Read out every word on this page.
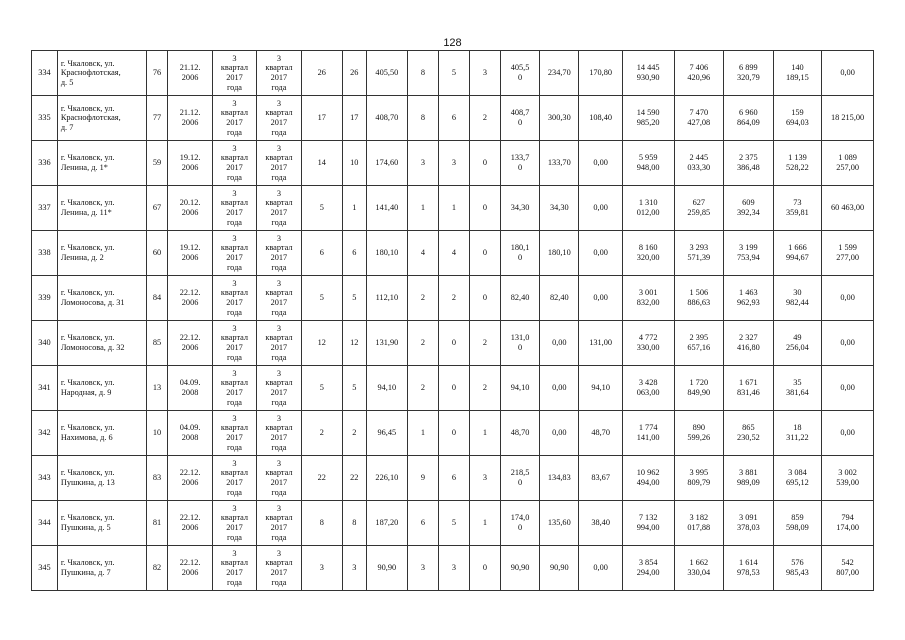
128
334	г. Чкаловск, ул.
Краснофлотская,
д. 5	76	21.12.
2006	3
квартал
2017
года	3
квартал
2017
года	26	26	405,50	8	5	3	405,5
0	234,70	170,80	14 445
930,90	7 406
420,96	6 899
320,79	140
189,15	0,00
335	г. Чкаловск, ул.
Краснофлотская,
д. 7	77	21.12.
2006	3
квартал
2017
года	3
квартал
2017
года	17	17	408,70	8	6	2	408,7
0	300,30	108,40	14 590
985,20	7 470
427,08	6 960
864,09	159
694,03	18 215,00
336	г. Чкаловск, ул.
Ленина, д. 1*	59	19.12.
2006	3
квартал
2017
года	3
квартал
2017
года	14	10	174,60	3	3	0	133,7
0	133,70	0,00	5 959
948,00	2 445
033,30	2 375
386,48	1 139
528,22	1 089
257,00
337	г. Чкаловск, ул.
Ленина, д. 11*	67	20.12.
2006	3
квартал
2017
года	3
квартал
2017
года	5	1	141,40	1	1	0	34,30	34,30	0,00	1 310
012,00	627
259,85	609
392,34	73
359,81	60 463,00
338	г. Чкаловск, ул.
Ленина, д. 2	60	19.12.
2006	3
квартал
2017
года	3
квартал
2017
года	6	6	180,10	4	4	0	180,1
0	180,10	0,00	8 160
320,00	3 293
571,39	3 199
753,94	1 666
994,67	1 599
277,00
339	г. Чкаловск, ул.
Ломоносова, д. 31	84	22.12.
2006	3
квартал
2017
года	3
квартал
2017
года	5	5	112,10	2	2	0	82,40	82,40	0,00	3 001
832,00	1 506
886,63	1 463
962,93	30
982,44	0,00
340	г. Чкаловск, ул.
Ломоносова, д. 32	85	22.12.
2006	3
квартал
2017
года	3
квартал
2017
года	12	12	131,90	2	0	2	131,0
0	0,00	131,00	4 772
330,00	2 395
657,16	2 327
416,80	49
256,04	0,00
341	г. Чкаловск, ул.
Народная, д. 9	13	04.09.
2008	3
квартал
2017
года	3
квартал
2017
года	5	5	94,10	2	0	2	94,10	0,00	94,10	3 428
063,00	1 720
849,90	1 671
831,46	35
381,64	0,00
342	г. Чкаловск, ул.
Нахимова, д. 6	10	04.09.
2008	3
квартал
2017
года	3
квартал
2017
года	2	2	96,45	1	0	1	48,70	0,00	48,70	1 774
141,00	890
599,26	865
230,52	18
311,22	0,00
343	г. Чкаловск, ул.
Пушкина, д. 13	83	22.12.
2006	3
квартал
2017
года	3
квартал
2017
года	22	22	226,10	9	6	3	218,5
0	134,83	83,67	10 962
494,00	3 995
809,79	3 881
989,09	3 084
695,12	3 002
539,00
344	г. Чкаловск, ул.
Пушкина, д. 5	81	22.12.
2006	3
квартал
2017
года	3
квартал
2017
года	8	8	187,20	6	5	1	174,0
0	135,60	38,40	7 132
994,00	3 182
017,88	3 091
378,03	859
598,09	794
174,00
345	г. Чкаловск, ул.
Пушкина, д. 7	82	22.12.
2006	3
квартал
2017
года	3
квартал
2017
года	3	3	90,90	3	3	0	90,90	90,90	0,00	3 854
294,00	1 662
330,04	1 614
978,53	576
985,43	542
807,00
